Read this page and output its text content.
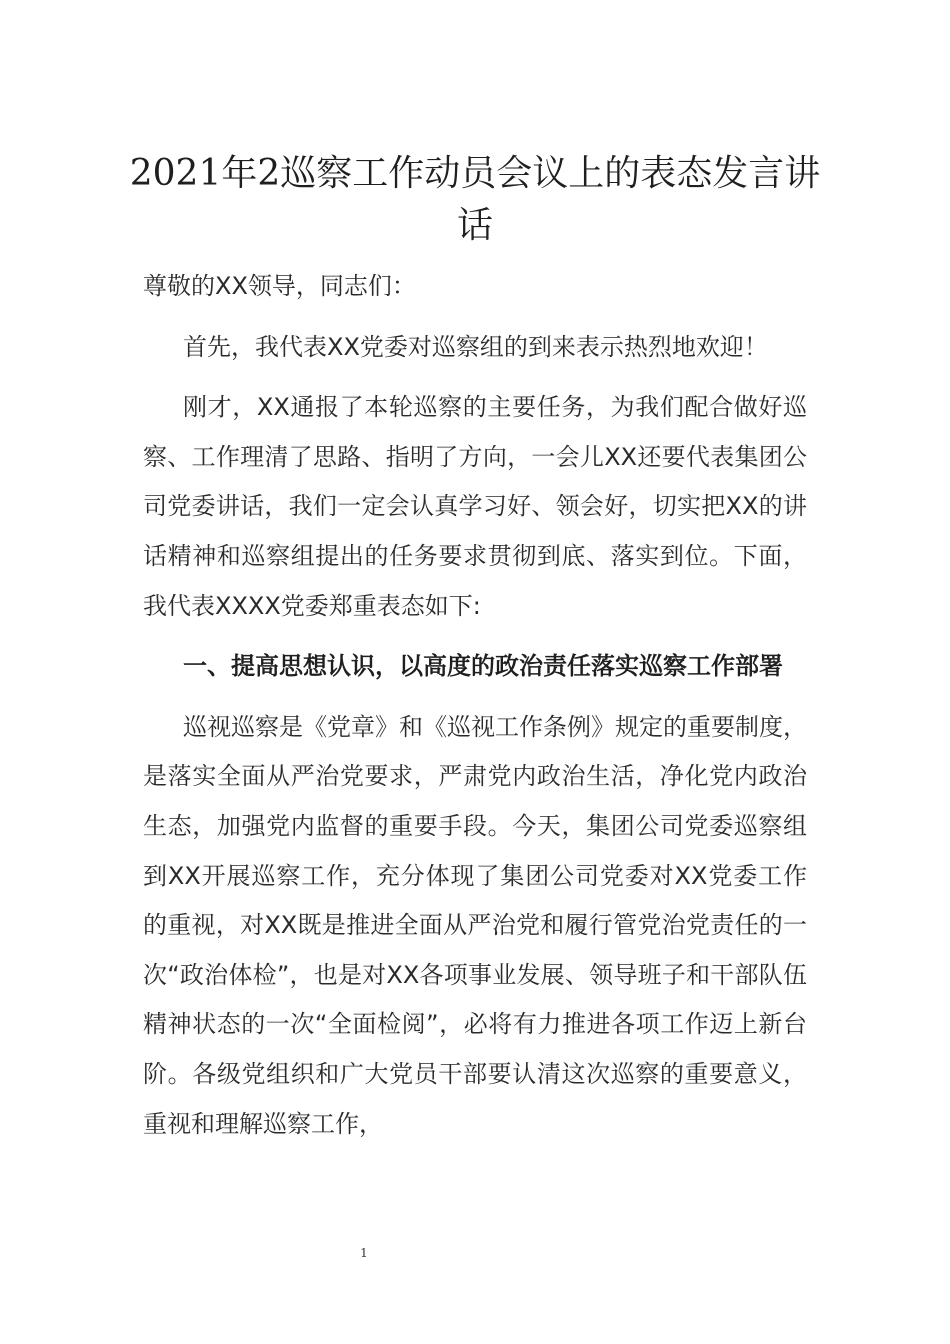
2021年2巡察工作动员会议上的表态发言讲话

尊敬的XX领导，同志们：

首先，我代表XX党委对巡察组的到来表示热烈地欢迎！

刚才，XX通报了本轮巡察的主要任务，为我们配合做好巡察、工作理清了思路、指明了方向，一会儿XX还要代表集团公司党委讲话，我们一定会认真学习好、领会好，切实把XX的讲话精神和巡察组提出的任务要求贯彻到底、落实到位。下面，我代表XXXX党委郑重表态如下:

一、提高思想认识，以高度的政治责任落实巡察工作部署

巡视巡察是《党章》和《巡视工作条例》规定的重要制度，是落实全面从严治党要求，严肃党内政治生活，净化党内政治生态，加强党内监督的重要手段。今天，集团公司党委巡察组到XX开展巡察工作，充分体现了集团公司党委对XX党委工作的重视，对XX既是推进全面从严治党和履行管党治党责任的一次“政治体检”，也是对XX各项事业发展、领导班子和干部队伍精神状态的一次“全面检阅”，必将有力推进各项工作迈上新台阶。各级党组织和广大党员干部要认清这次巡察的重要意义，重视和理解巡察工作，

1
